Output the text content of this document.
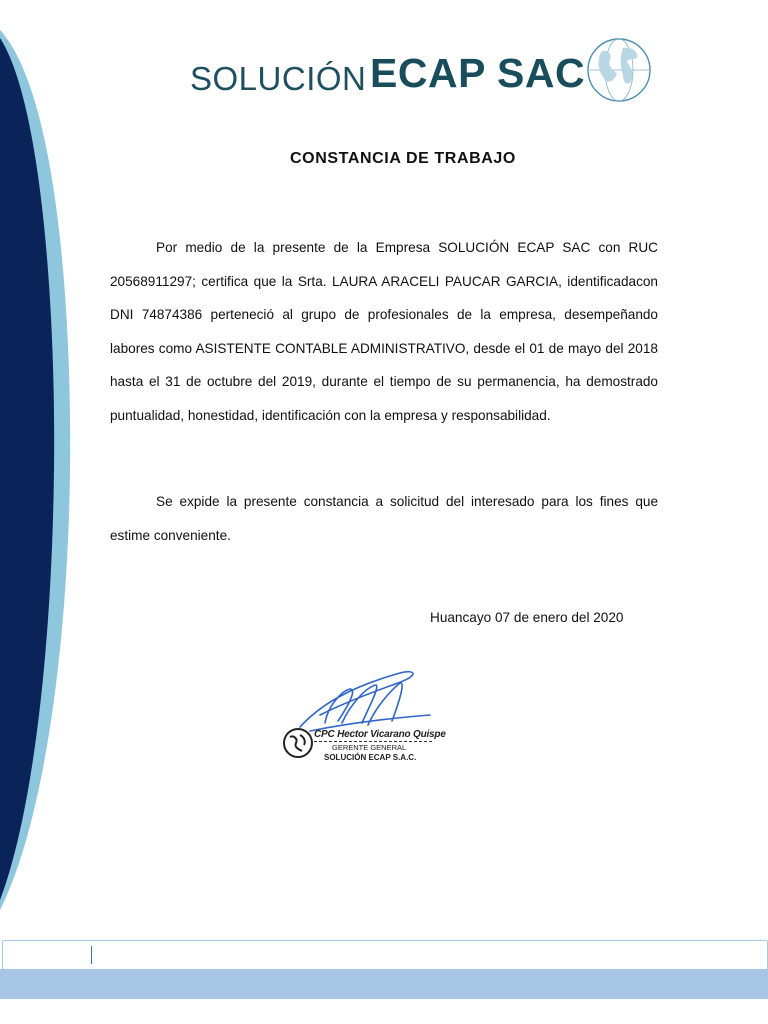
SOLUCIÓN ECAP SAC
CONSTANCIA DE TRABAJO

Por medio de la presente de la Empresa SOLUCIÓN ECAP SAC con RUC 20568911297; certifica que la Srta. LAURA ARACELI PAUCAR GARCIA, identificadacon DNI 74874386 perteneció al grupo de profesionales de la empresa, desempeñando labores como ASISTENTE CONTABLE ADMINISTRATIVO, desde el 01 de mayo del 2018 hasta el 31 de octubre del 2019, durante el tiempo de su permanencia, ha demostrado puntualidad, honestidad, identificación con la empresa y responsabilidad.

Se expide la presente constancia a solicitud del interesado para los fines que estime conveniente.

Huancayo 07 de enero del 2020
CPC Hector Vicarano Quispe
GERENTE GENERAL
SOLUCIÓN ECAP S.A.C.
